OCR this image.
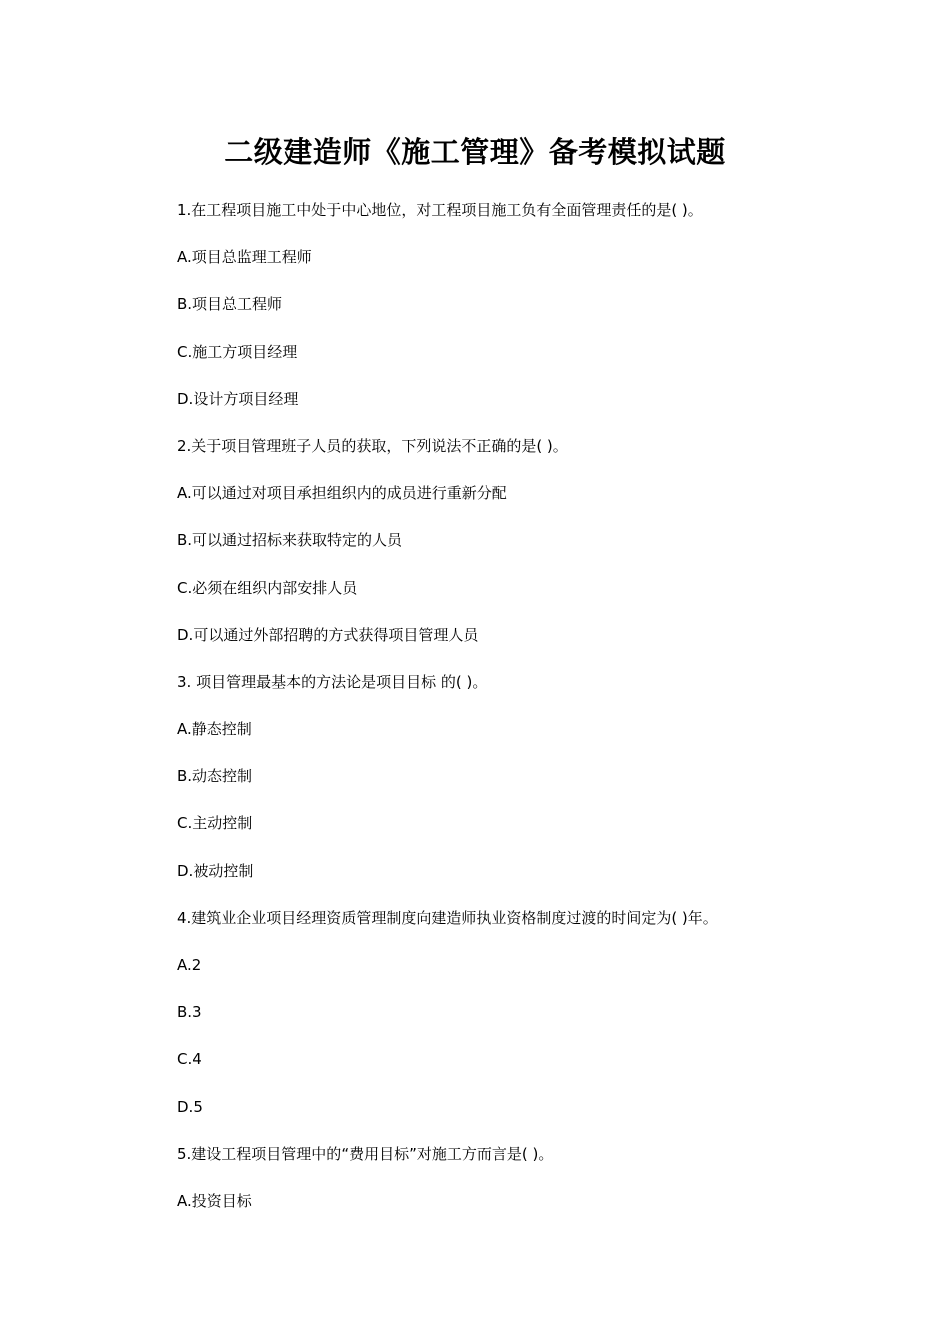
二级建造师《施工管理》备考模拟试题
1.在工程项目施工中处于中心地位，对工程项目施工负有全面管理责任的是( )。
A.项目总监理工程师
B.项目总工程师
C.施工方项目经理
D.设计方项目经理
2.关于项目管理班子人员的获取，下列说法不正确的是( )。
A.可以通过对项目承担组织内的成员进行重新分配
B.可以通过招标来获取特定的人员
C.必须在组织内部安排人员
D.可以通过外部招聘的方式获得项目管理人员
3. 项目管理最基本的方法论是项目目标 的( )。
A.静态控制
B.动态控制
C.主动控制
D.被动控制
4.建筑业企业项目经理资质管理制度向建造师执业资格制度过渡的时间定为( )年。
A.2
B.3
C.4
D.5
5.建设工程项目管理中的“费用目标”对施工方而言是( )。
A.投资目标
